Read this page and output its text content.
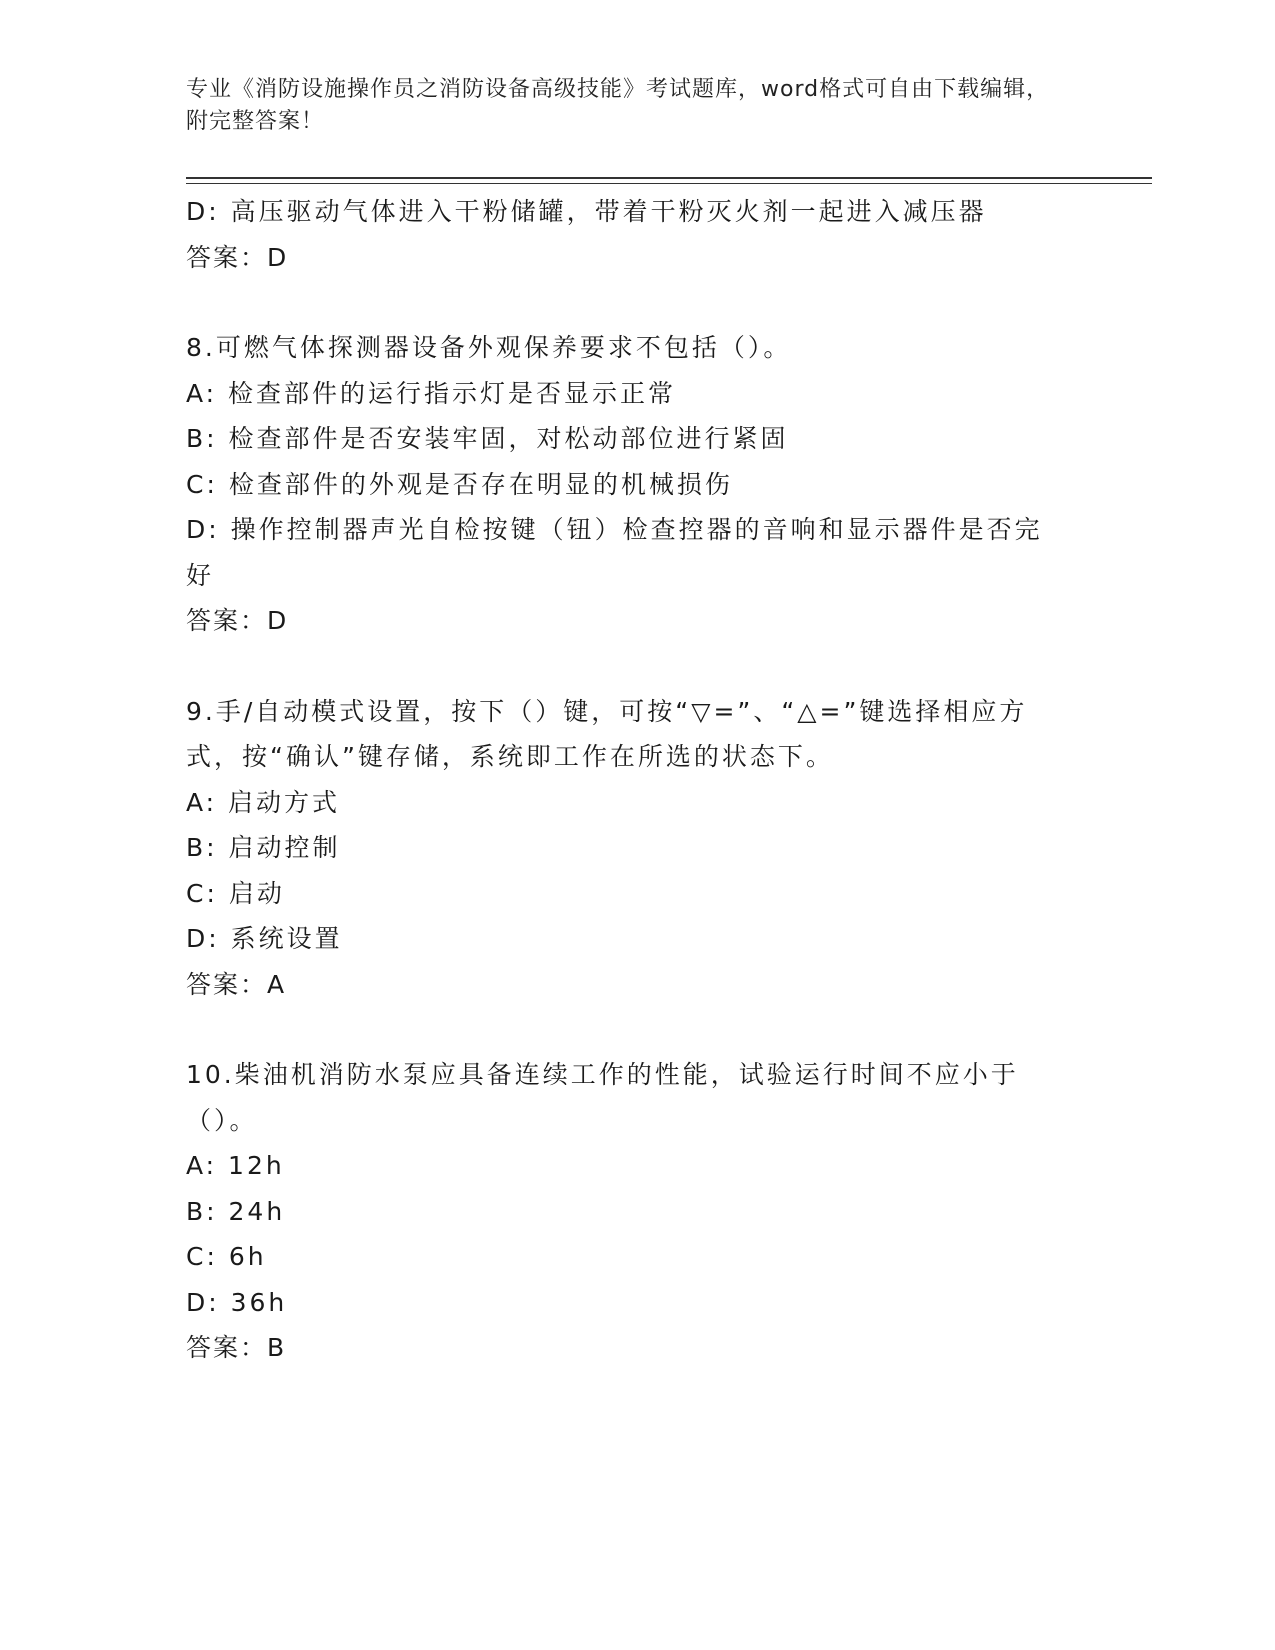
专业《消防设施操作员之消防设备高级技能》考试题库，word格式可自由下载编辑，附完整答案！
D: 高压驱动气体进入干粉储罐，带着干粉灭火剂一起进入减压器
答案：D
8.可燃气体探测器设备外观保养要求不包括（）。
A: 检查部件的运行指示灯是否显示正常
B: 检查部件是否安装牢固，对松动部位进行紧固
C: 检查部件的外观是否存在明显的机械损伤
D: 操作控制器声光自检按键（钮）检查控器的音响和显示器件是否完好
答案：D
9.手/自动模式设置，按下（）键，可按“▽=”、“△=”键选择相应方式，按“确认”键存储，系统即工作在所选的状态下。
A: 启动方式
B: 启动控制
C: 启动
D: 系统设置
答案：A
10.柴油机消防水泵应具备连续工作的性能，试验运行时间不应小于（）。
A: 12h
B: 24h
C: 6h
D: 36h
答案：B
